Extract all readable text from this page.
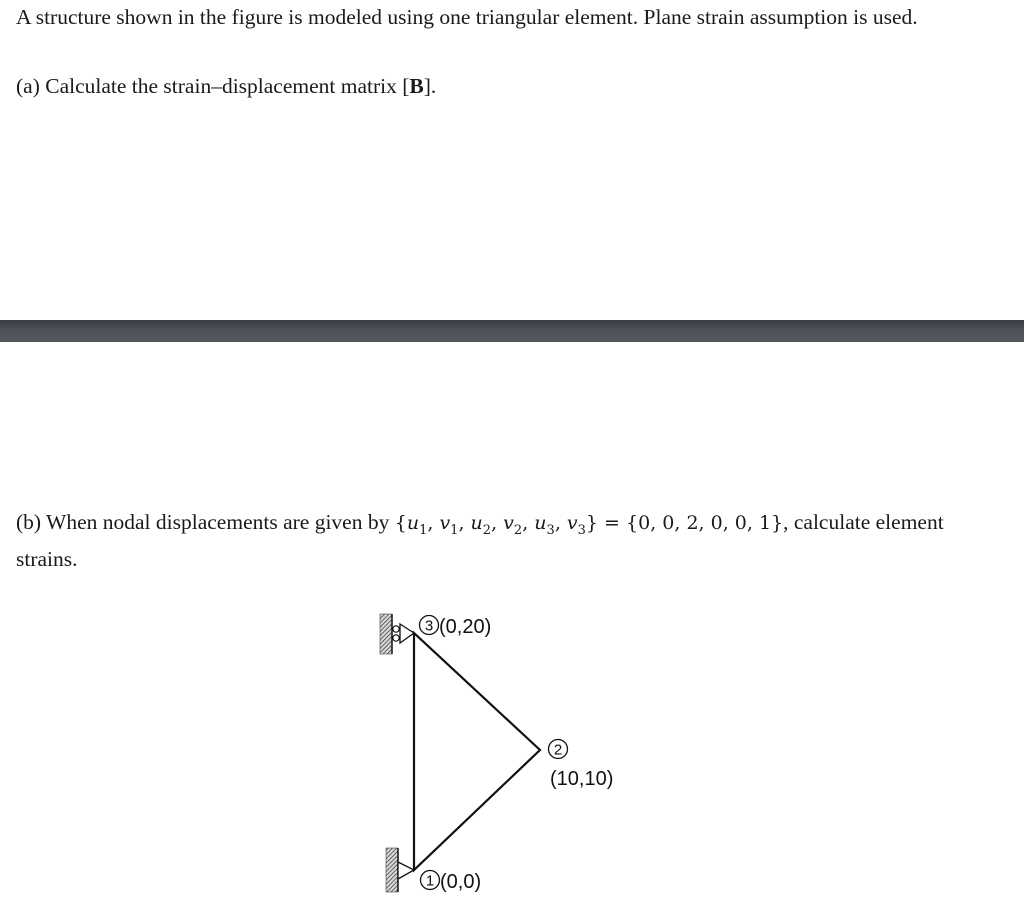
A structure shown in the figure is modeled using one triangular element. Plane strain assumption is used.
(a) Calculate the strain–displacement matrix [B].
(b) When nodal displacements are given by {$u_1$, $v_1$, $u_2$, $v_2$, $u_3$, $v_3\} = \{0$, 0, 2, 0, 0, 1}, calculate element strains.
3 (0,20)
2
(10,10)
1 (0,0)
